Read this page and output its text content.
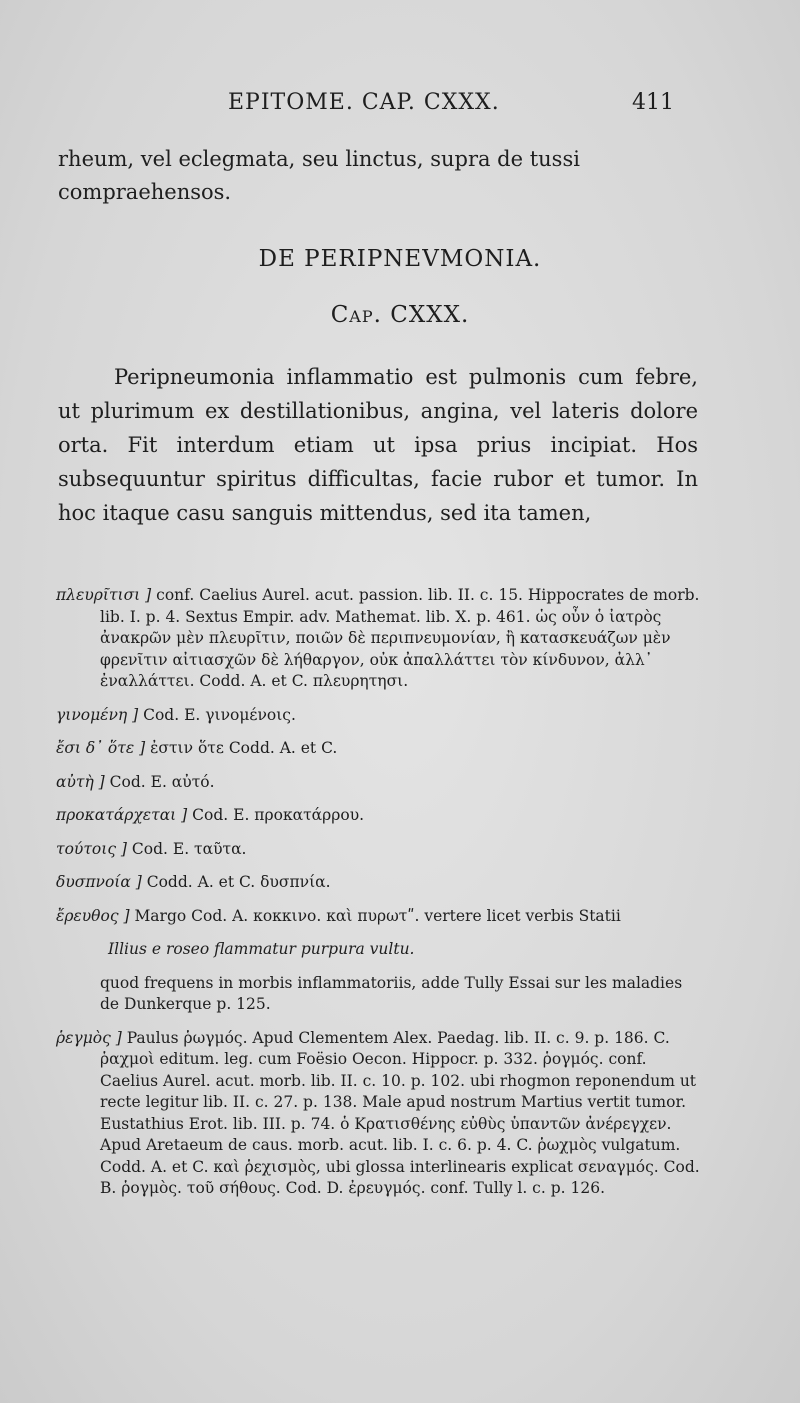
EPITOME. CAP. CXXX.	411
rheum, vel eclegmata, seu linctus, supra de tussi compraehensos.
DE PERIPNEVMONIA.
Cap. CXXX.
Peripneumonia inflammatio est pulmonis cum febre, ut plurimum ex destillationibus, angina, vel lateris dolore orta. Fit interdum etiam ut ipsa prius incipiat. Hos subsequuntur spiritus difficultas, facie rubor et tumor. In hoc itaque casu sanguis mittendus, sed ita tamen,

πλευρῖτισι ] conf. Caelius Aurel. acut. passion. lib. II. c. 15. Hippocrates de morb. lib. I. p. 4. Sextus Empir. adv. Mathemat. lib. X. p. 461. ὡς οὖν ὁ ἰατρὸς ἀνακρῶν μὲν πλευρῖτιν, ποιῶν δὲ περιπνευμονίαν, ἢ κατασκευάζων μὲν φρενῖτιν αἰτιασχῶν δὲ λήθαργον, οὐκ ἀπαλλάττει τὸν κίνδυνον, ἀλλ᾽ ἐναλλάττει. Codd. A. et C. πλευρητησι.

γινομένη ] Cod. E. γινομένοις.

ἔσι δ᾽ ὅτε ] ἐστιν ὅτε Codd. A. et C.

αὐτὴ ] Cod. E. αὐτό.

προκατάρχεται ] Cod. E. προκατάρρου.

τούτοις ] Cod. E. ταῦτα.

δυσπνοία ] Codd. A. et C. δυσπνία.

ἔρευθος ] Margo Cod. A. κοκκινο. καὶ πυρωτʺ. vertere licet verbis Statii

Illius e roseo flammatur purpura vultu.

quod frequens in morbis inflammatoriis, adde Tully Essai sur les maladies de Dunkerque p. 125.

ῥεγμὸς ] Paulus ῥωγμός. Apud Clementem Alex. Paedag. lib. II. c. 9. p. 186. C. ῥαχμοὶ editum. leg. cum Foësio Oecon. Hippocr. p. 332. ῥογμός. conf. Caelius Aurel. acut. morb. lib. II. c. 10. p. 102. ubi rhogmon reponendum ut recte legitur lib. II. c. 27. p. 138. Male apud nostrum Martius vertit tumor. Eustathius Erot. lib. III. p. 74. ὁ Κρατισθένης εὐθὺς ὑπαντῶν ἀνέρεγχεν. Apud Aretaeum de caus. morb. acut. lib. I. c. 6. p. 4. C. ῥωχμὸς vulgatum. Codd. A. et C. καὶ ῥεχισμὸς, ubi glossa interlinearis explicat σεναγμός. Cod. B. ῥογμὸς. τοῦ σήθους. Cod. D. ἐρευγμός. conf. Tully l. c. p. 126.
